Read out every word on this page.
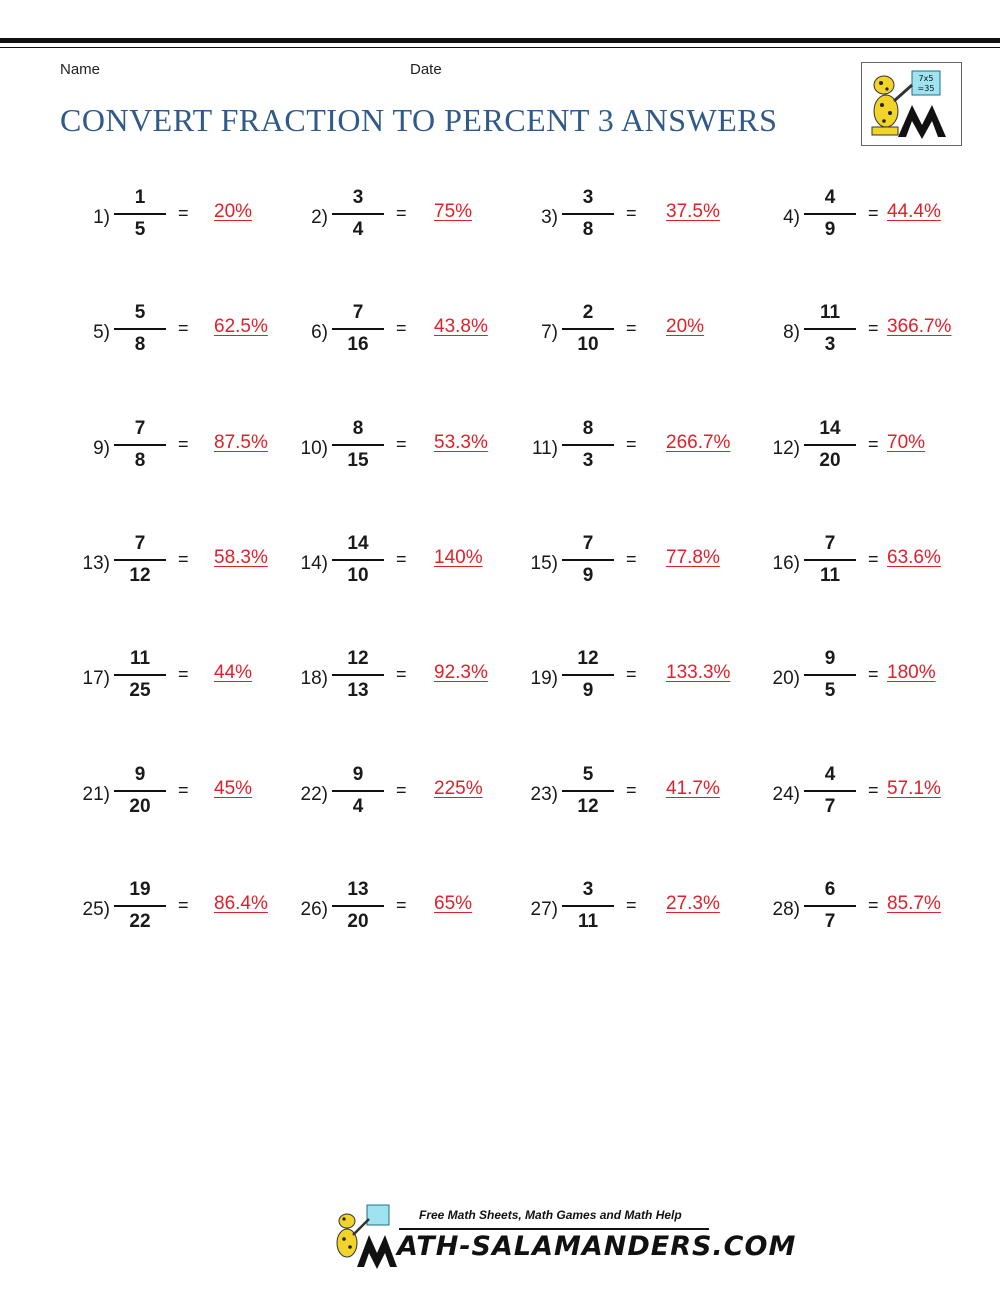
Name	Date
CONVERT FRACTION TO PERCENT 3 ANSWERS
7x5
=35
1)
1
5
= 20%	2)
3
4
= 75%	3)
3
8
= 37.5%	4)
4
9
= 44.4%
5)
5
8
= 62.5% 6)
7
16
= 43.8%	7)
2
10
= 20%	8)
11
3
= 366.7%
9)
7
8
= 87.5% 10)
8
15
= 53.3% 11)
8
3
= 266.7% 12)
14
20
= 70%
13)
7
12
= 58.3% 14)
14
10
= 140%	15)
7
9
= 77.8%	16)
7
11
= 63.6%
17)
11
25
= 44%	18)
12
13
= 92.3% 19)
12
9
= 133.3% 20)
9
5
= 180%
21)
9
20
= 45%	22)
9
4
= 225%	23)
5
12
= 41.7%	24)
4
7
= 57.1%
25)
19
22
= 86.4% 26)
13
20
= 65%	27)
3
11
= 27.3%	28)
6
7
= 85.7%
Free Math Sheets, Math Games and Math Help
ATH-SALAMANDERS.COM
